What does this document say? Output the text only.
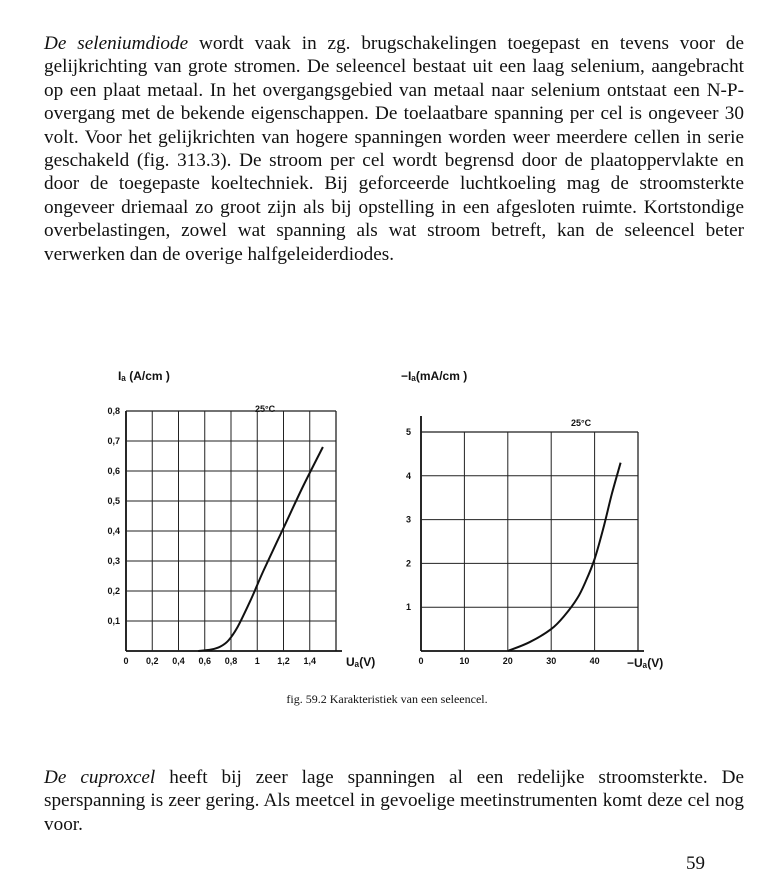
De seleniumdiode wordt vaak in zg. brugschakelingen toegepast en tevens voor de gelijkrichting van grote stromen. De seleencel bestaat uit een laag selenium, aangebracht op een plaat metaal. In het overgangsgebied van metaal naar selenium ontstaat een N-P-overgang met de bekende eigenschappen. De toelaatbare spanning per cel is ongeveer 30 volt. Voor het gelijkrichten van hogere spanningen worden weer meerdere cellen in serie geschakeld (fig. 313.3). De stroom per cel wordt begrensd door de plaatoppervlakte en door de toegepaste koeltechniek. Bij geforceerde luchtkoeling mag de stroomsterkte ongeveer driemaal zo groot zijn als bij opstelling in een afgesloten ruimte. Kortstondige overbelastingen, zowel wat spanning als wat stroom betreft, kan de seleencel beter verwerken dan de overige halfgeleiderdiodes.

Iₐ (A/cm )
25°C
Uₐ(V)
0 0,2 0,4 0,6 0,8 1 1,2 1,4
0,1
0,2
0,3
0,4
0,5
0,6
0,7
0,8
−Iₐ(mA/cm )
25°C
−Uₐ(V)
0	10	20	30	40
1
2
3
4
5
fig. 59.2 Karakteristiek van een seleencel.

De cuproxcel heeft bij zeer lage spanningen al een redelijke stroomsterkte. De sperspanning is zeer gering. Als meetcel in gevoelige meetinstrumenten komt deze cel nog voor.

59
